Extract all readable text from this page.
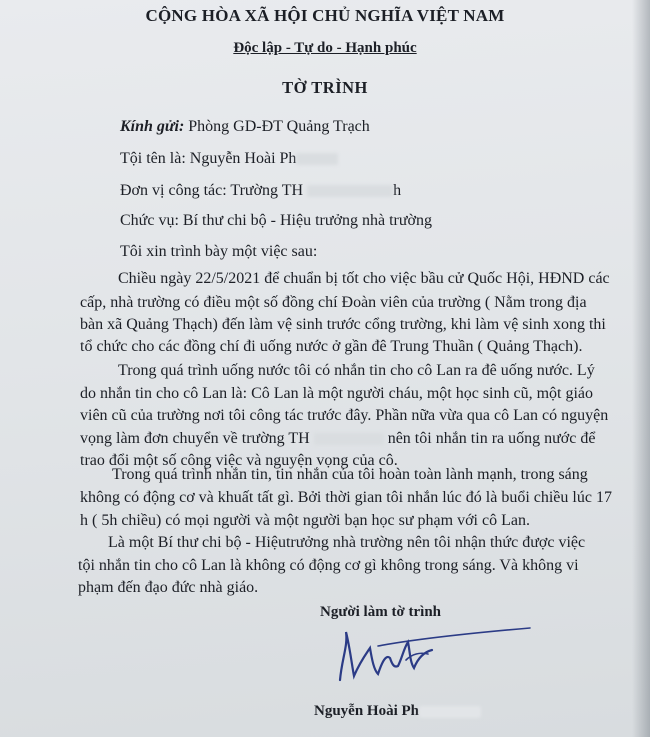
CỘNG HÒA XÃ HỘI CHỦ NGHĨA VIỆT NAM
Độc lập - Tự do - Hạnh phúc
TỜ TRÌNH
Kính gửi: Phòng GD-ĐT Quảng Trạch
Tội tên là: Nguyễn Hoài Ph
Đơn vị công tác: Trường TH	h
Chức vụ: Bí thư chi bộ - Hiệu trưởng nhà trường
Tôi xin trình bày một việc sau:
Chiều ngày 22/5/2021 để chuẩn bị tốt cho việc bầu cử Quốc Hội, HĐND các
cấp, nhà trường có điều một số đồng chí Đoàn viên của trường ( Nằm trong địa
bàn xã Quảng Thạch) đến làm vệ sinh trước cổng trường, khi làm vệ sinh xong thi
tổ chức cho các đồng chí đi uống nước ở gần đê Trung Thuần ( Quảng Thạch).
Trong quá trình uống nước tôi có nhắn tin cho cô Lan ra đê uống nước. Lý
do nhắn tin cho cô Lan là: Cô Lan là một người cháu, một học sinh cũ, một giáo
viên cũ của trường nơi tôi công tác trước đây. Phần nữa vừa qua cô Lan có nguyện
vọng làm đơn chuyển về trường TH	nên tôi nhắn tin ra uống nước để
trao đổi một số công việc và nguyện vọng của cô.
Trong quá trình nhắn tin, tin nhắn của tôi hoàn toàn lành mạnh, trong sáng
không có động cơ và khuất tất gì. Bởi thời gian tôi nhắn lúc đó là buổi chiều lúc 17
h ( 5h chiều) có mọi người và một người bạn học sư phạm với cô Lan.
Là một Bí thư chi bộ - Hiệutrưởng nhà trường nên tôi nhận thức được việc
tội nhắn tin cho cô Lan là không có động cơ gì không trong sáng. Và không vi
phạm đến đạo đức nhà giáo.
Người làm tờ trình
Nguyễn Hoài Ph
